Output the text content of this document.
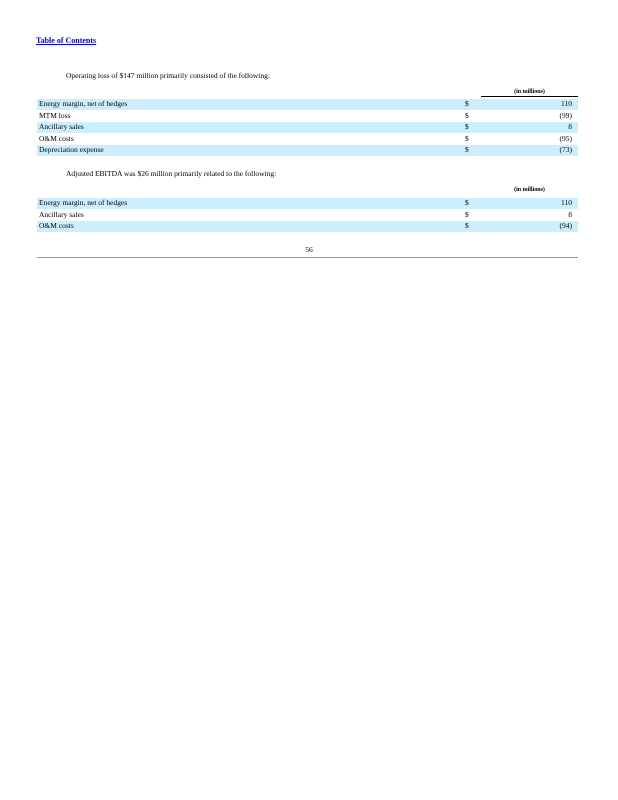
Table of Contents
Operating loss of $147 million primarily consisted of the following:
(in millions)
Energy margin, net of hedges	$	110
MTM loss	$	(99)
Ancillary sales	$	8
O&M costs	$	(95)
Depreciation expense	$	(73)
Adjusted EBITDA was $26 million primarily related to the following:
(in millions)
Energy margin, net of hedges	$	110
Ancillary sales	$	8
O&M costs	$	(94)
56
